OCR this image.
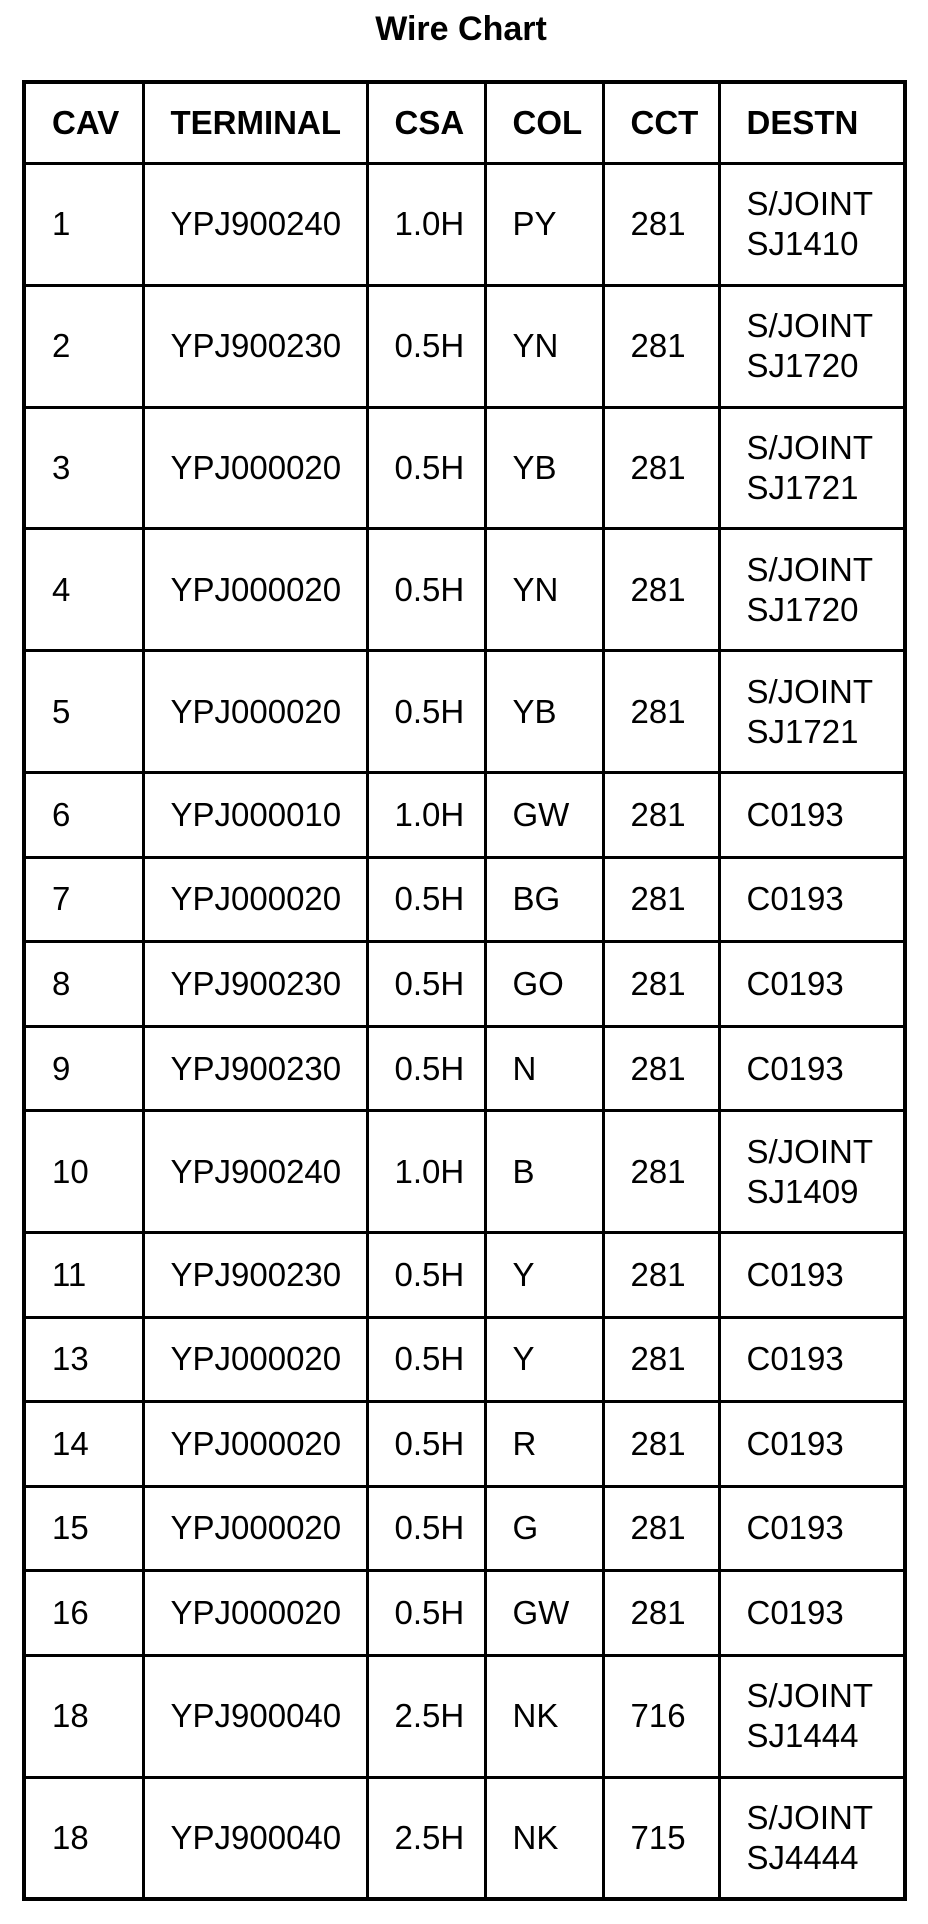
Wire Chart
CAV	TERMINAL	CSA	COL	CCT	DESTN
1	YPJ900240	1.0H	PY	281	S/JOINT
SJ1410

2	YPJ900230	0.5H	YN	281	S/JOINT
SJ1720

3	YPJ000020	0.5H	YB	281	S/JOINT
SJ1721

4	YPJ000020	0.5H	YN	281	S/JOINT
SJ1720

5	YPJ000020	0.5H	YB	281	S/JOINT
SJ1721

6	YPJ000010	1.0H	GW	281	C0193

7	YPJ000020	0.5H	BG	281	C0193

8	YPJ900230	0.5H	GO	281	C0193

9	YPJ900230	0.5H	N	281	C0193

10	YPJ900240	1.0H	B	281	S/JOINT
SJ1409

11	YPJ900230	0.5H	Y	281	C0193

13	YPJ000020	0.5H	Y	281	C0193

14	YPJ000020	0.5H	R	281	C0193

15	YPJ000020	0.5H	G	281	C0193

16	YPJ000020	0.5H	GW	281	C0193

18	YPJ900040	2.5H	NK	716	S/JOINT
SJ1444

18	YPJ900040	2.5H	NK	715	S/JOINT
SJ4444
